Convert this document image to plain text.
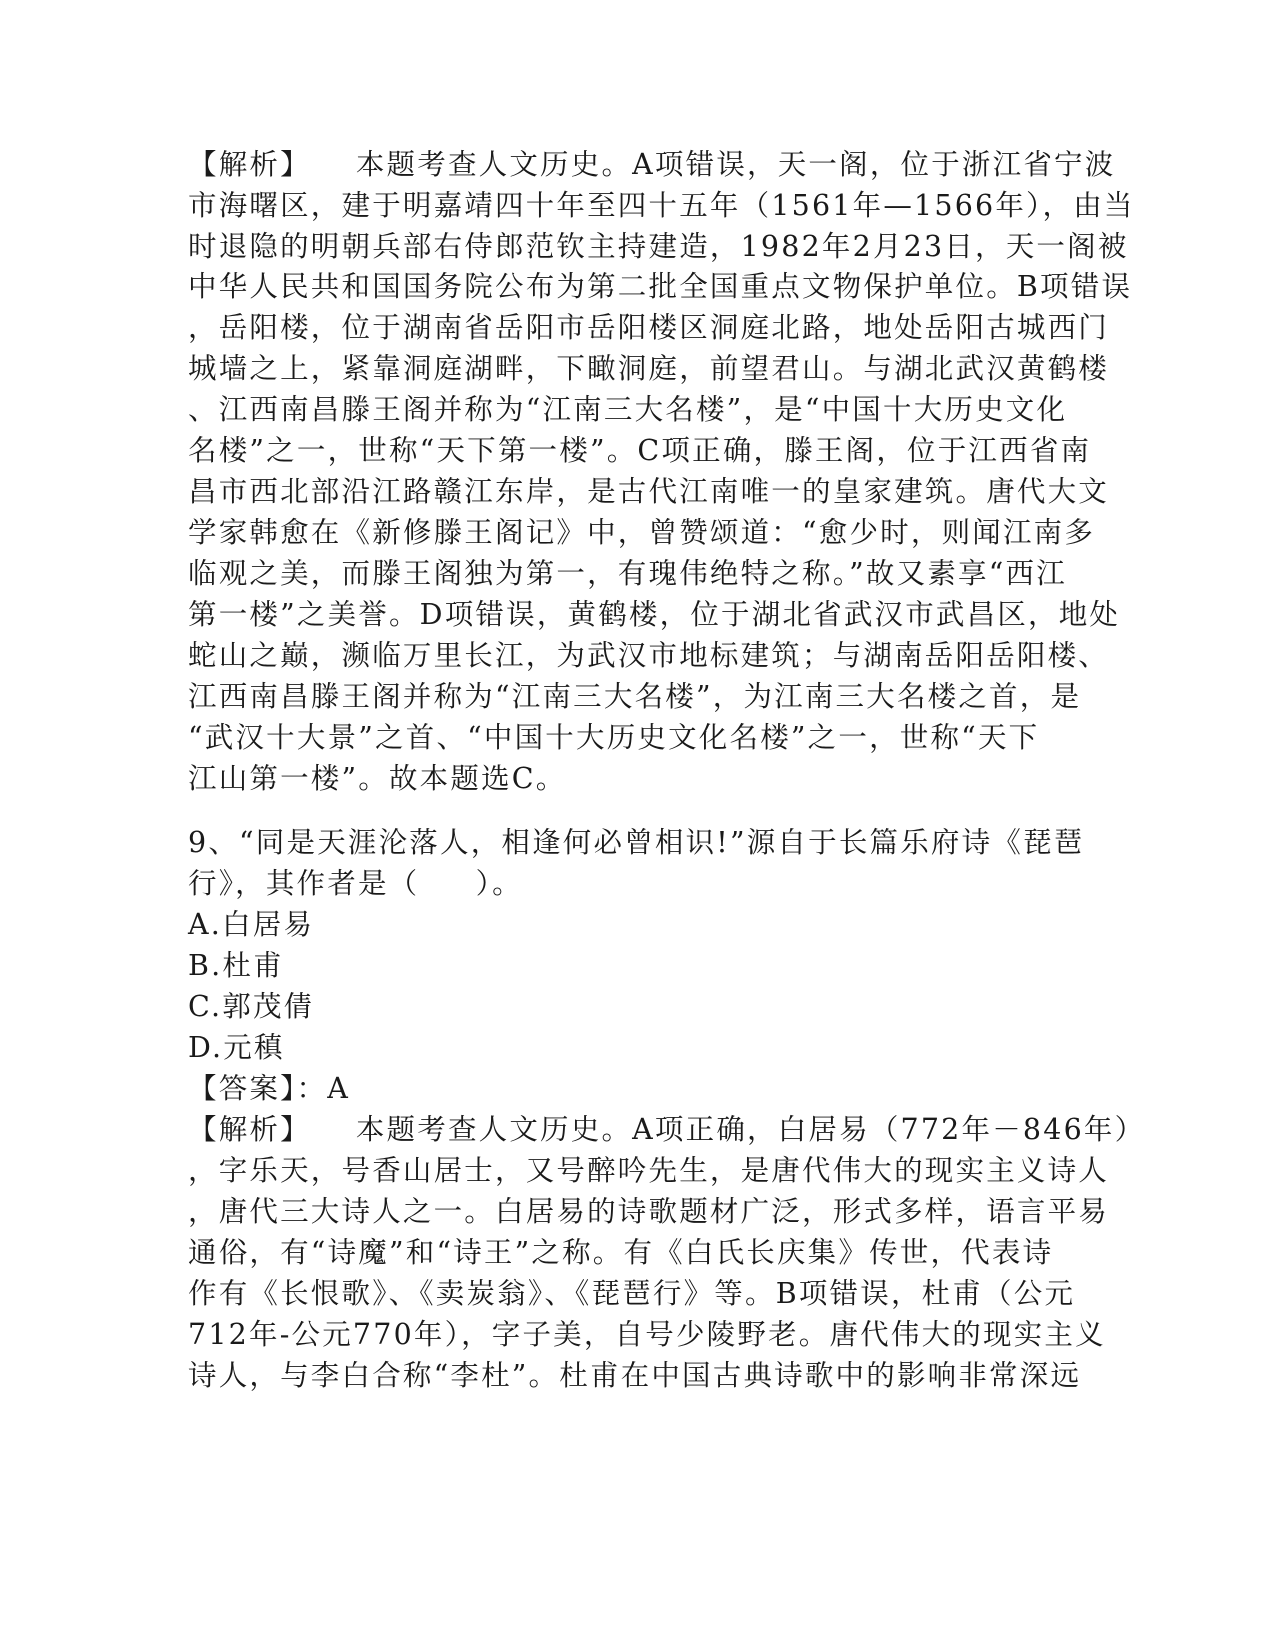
【解析】    本题考查人文历史。A项错误，天一阁，位于浙江省宁波
市海曙区，建于明嘉靖四十年至四十五年（1561年—1566年），由当
时退隐的明朝兵部右侍郎范钦主持建造，1982年2月23日，天一阁被
中华人民共和国国务院公布为第二批全国重点文物保护单位。B项错误
，岳阳楼，位于湖南省岳阳市岳阳楼区洞庭北路，地处岳阳古城西门
城墙之上，紧靠洞庭湖畔，下瞰洞庭，前望君山。与湖北武汉黄鹤楼
、江西南昌滕王阁并称为“江南三大名楼”，是“中国十大历史文化
名楼”之一，世称“天下第一楼”。C项正确，滕王阁，位于江西省南
昌市西北部沿江路赣江东岸，是古代江南唯一的皇家建筑。唐代大文
学家韩愈在《新修滕王阁记》中，曾赞颂道：“愈少时，则闻江南多
临观之美，而滕王阁独为第一，有瑰伟绝特之称。”故又素享“西江
第一楼”之美誉。D项错误，黄鹤楼，位于湖北省武汉市武昌区，地处
蛇山之巅，濒临万里长江，为武汉市地标建筑；与湖南岳阳岳阳楼、
江西南昌滕王阁并称为“江南三大名楼”，为江南三大名楼之首，是
“武汉十大景”之首、“中国十大历史文化名楼”之一，世称“天下
江山第一楼”。故本题选C。
9、“同是天涯沦落人，相逢何必曾相识!”源自于长篇乐府诗《琵琶
行》，其作者是（     ）。
A.白居易
B.杜甫
C.郭茂倩
D.元稹
【答案】：A
【解析】    本题考查人文历史。A项正确，白居易（772年－846年）
，字乐天，号香山居士，又号醉吟先生，是唐代伟大的现实主义诗人
，唐代三大诗人之一。白居易的诗歌题材广泛，形式多样，语言平易
通俗，有“诗魔”和“诗王”之称。有《白氏长庆集》传世，代表诗
作有《长恨歌》、《卖炭翁》、《琵琶行》等。B项错误，杜甫（公元
712年-公元770年），字子美，自号少陵野老。唐代伟大的现实主义
诗人，与李白合称“李杜”。杜甫在中国古典诗歌中的影响非常深远
